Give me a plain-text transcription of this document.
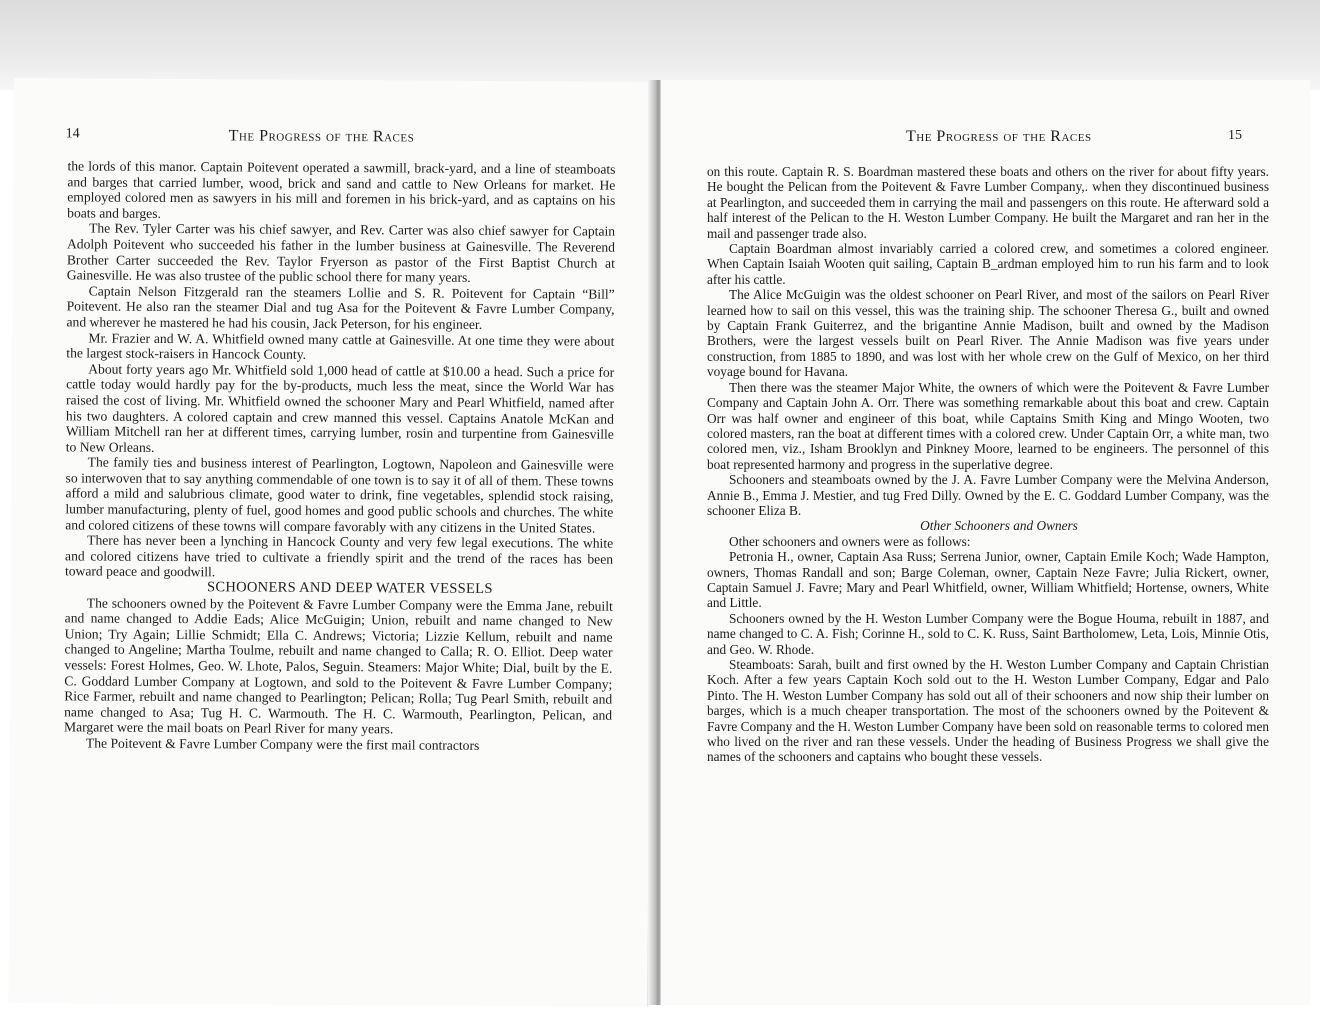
14	The Progress of the Races

the lords of this manor. Captain Poitevent operated a sawmill, brack-yard, and a line of steamboats and barges that carried lumber, wood, brick and sand and cattle to New Orleans for market. He employed colored men as sawyers in his mill and foremen in his brick-yard, and as captains on his boats and barges.

The Rev. Tyler Carter was his chief sawyer, and Rev. Carter was also chief sawyer for Captain Adolph Poitevent who succeeded his father in the lumber business at Gainesville. The Reverend Brother Carter succeeded the Rev. Taylor Fryerson as pastor of the First Baptist Church at Gainesville. He was also trustee of the public school there for many years.

Captain Nelson Fitzgerald ran the steamers Lollie and S. R. Poitevent for Captain “Bill” Poitevent. He also ran the steamer Dial and tug Asa for the Poitevent & Favre Lumber Company, and wherever he mastered he had his cousin, Jack Peterson, for his engineer.

Mr. Frazier and W. A. Whitfield owned many cattle at Gainesville. At one time they were about the largest stock-raisers in Hancock County.

About forty years ago Mr. Whitfield sold 1,000 head of cattle at $10.00 a head. Such a price for cattle today would hardly pay for the by-products, much less the meat, since the World War has raised the cost of living. Mr. Whitfield owned the schooner Mary and Pearl Whitfield, named after his two daughters. A colored captain and crew manned this vessel. Captains Anatole McKan and William Mitchell ran her at different times, carrying lumber, rosin and turpentine from Gainesville to New Orleans.

The family ties and business interest of Pearlington, Logtown, Napoleon and Gainesville were so interwoven that to say anything commendable of one town is to say it of all of them. These towns afford a mild and salubrious climate, good water to drink, fine vegetables, splendid stock raising, lumber manufacturing, plenty of fuel, good homes and good public schools and churches. The white and colored citizens of these towns will compare favorably with any citizens in the United States.

There has never been a lynching in Hancock County and very few legal executions. The white and colored citizens have tried to cultivate a friendly spirit and the trend of the races has been toward peace and goodwill.

SCHOONERS AND DEEP WATER VESSELS

The schooners owned by the Poitevent & Favre Lumber Company were the Emma Jane, rebuilt and name changed to Addie Eads; Alice McGuigin; Union, rebuilt and name changed to New Union; Try Again; Lillie Schmidt; Ella C. Andrews; Victoria; Lizzie Kellum, rebuilt and name changed to Angeline; Martha Toulme, rebuilt and name changed to Calla; R. O. Elliot. Deep water vessels: Forest Holmes, Geo. W. Lhote, Palos, Seguin. Steamers: Major White; Dial, built by the E. C. Goddard Lumber Company at Logtown, and sold to the Poitevent & Favre Lumber Company; Rice Farmer, rebuilt and name changed to Pearlington; Pelican; Rolla; Tug Pearl Smith, rebuilt and name changed to Asa; Tug H. C. Warmouth. The H. C. Warmouth, Pearlington, Pelican, and Margaret were the mail boats on Pearl River for many years.

The Poitevent & Favre Lumber Company were the first mail contractors

The Progress of the Races	15

on this route. Captain R. S. Boardman mastered these boats and others on the river for about fifty years. He bought the Pelican from the Poitevent & Favre Lumber Company,. when they discontinued business at Pearlington, and succeeded them in carrying the mail and passengers on this route. He afterward sold a half interest of the Pelican to the H. Weston Lumber Company. He built the Margaret and ran her in the mail and passenger trade also.

Captain Boardman almost invariably carried a colored crew, and sometimes a colored engineer. When Captain Isaiah Wooten quit sailing, Captain B_ardman employed him to run his farm and to look after his cattle.

The Alice McGuigin was the oldest schooner on Pearl River, and most of the sailors on Pearl River learned how to sail on this vessel, this was the training ship. The schooner Theresa G., built and owned by Captain Frank Guiterrez, and the brigantine Annie Madison, built and owned by the Madison Brothers, were the largest vessels built on Pearl River. The Annie Madison was five years under construction, from 1885 to 1890, and was lost with her whole crew on the Gulf of Mexico, on her third voyage bound for Havana.

Then there was the steamer Major White, the owners of which were the Poitevent & Favre Lumber Company and Captain John A. Orr. There was something remarkable about this boat and crew. Captain Orr was half owner and engineer of this boat, while Captains Smith King and Mingo Wooten, two colored masters, ran the boat at different times with a colored crew. Under Captain Orr, a white man, two colored men, viz., Isham Brooklyn and Pinkney Moore, learned to be engineers. The personnel of this boat represented harmony and progress in the superlative degree.

Schooners and steamboats owned by the J. A. Favre Lumber Company were the Melvina Anderson, Annie B., Emma J. Mestier, and tug Fred Dilly. Owned by the E. C. Goddard Lumber Company, was the schooner Eliza B.

Other Schooners and Owners

Other schooners and owners were as follows:

Petronia H., owner, Captain Asa Russ; Serrena Junior, owner, Captain Emile Koch; Wade Hampton, owners, Thomas Randall and son; Barge Coleman, owner, Captain Neze Favre; Julia Rickert, owner, Captain Samuel J. Favre; Mary and Pearl Whitfield, owner, William Whitfield; Hortense, owners, White and Little.

Schooners owned by the H. Weston Lumber Company were the Bogue Houma, rebuilt in 1887, and name changed to C. A. Fish; Corinne H., sold to C. K. Russ, Saint Bartholomew, Leta, Lois, Minnie Otis, and Geo. W. Rhode.

Steamboats: Sarah, built and first owned by the H. Weston Lumber Company and Captain Christian Koch. After a few years Captain Koch sold out to the H. Weston Lumber Company, Edgar and Palo Pinto. The H. Weston Lumber Company has sold out all of their schooners and now ship their lumber on barges, which is a much cheaper transportation. The most of the schooners owned by the Poitevent & Favre Company and the H. Weston Lumber Company have been sold on reasonable terms to colored men who lived on the river and ran these vessels. Under the heading of Business Progress we shall give the names of the schooners and captains who bought these vessels.
